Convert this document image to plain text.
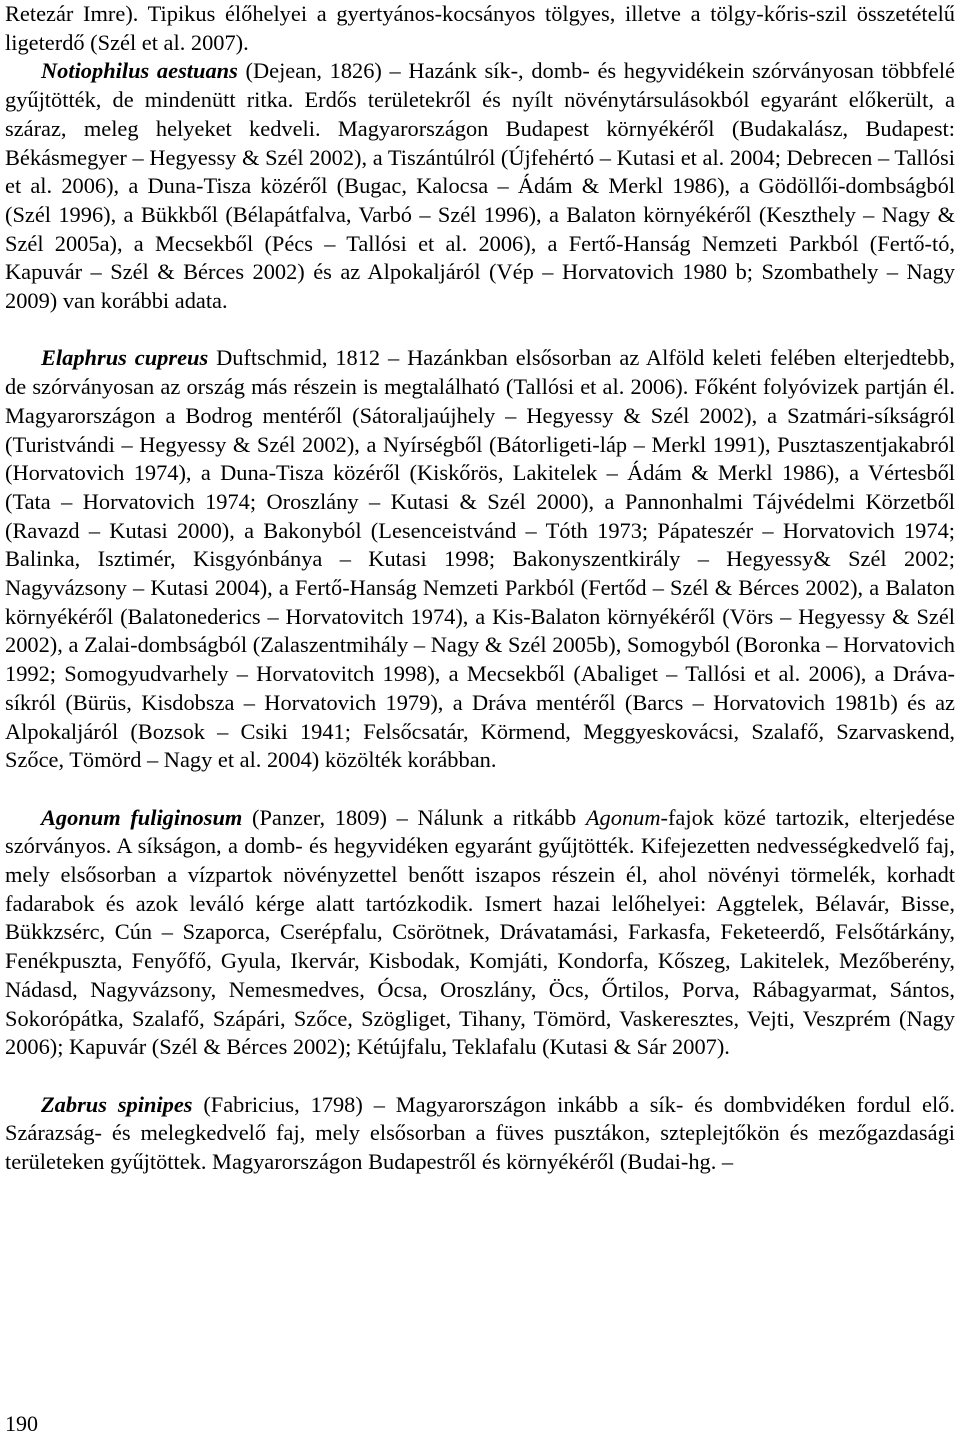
Retezár Imre). Tipikus élőhelyei a gyertyános-kocsányos tölgyes, illetve a tölgy-kőris-szil összetételű ligeterdő (Szél et al. 2007).

Notiophilus aestuans (Dejean, 1826) – Hazánk sík-, domb- és hegyvidékein szórványosan többfelé gyűjtötték, de mindenütt ritka. Erdős területekről és nyílt növénytársulásokból egyaránt előkerült, a száraz, meleg helyeket kedveli. Magyarországon Budapest környékéről (Budakalász, Budapest: Békásmegyer – Hegyessy & Szél 2002), a Tiszántúlról (Újfehértó – Kutasi et al. 2004; Debrecen – Tallósi et al. 2006), a Duna-Tisza közéről (Bugac, Kalocsa – Ádám & Merkl 1986), a Gödöllői-dombságból (Szél 1996), a Bükkből (Bélapátfalva, Varbó – Szél 1996), a Balaton környékéről (Keszthely – Nagy & Szél 2005a), a Mecsekből (Pécs – Tallósi et al. 2006), a Fertő-Hanság Nemzeti Parkból (Fertő-tó, Kapuvár – Szél & Bérces 2002) és az Alpokaljáról (Vép – Horvatovich 1980 b; Szombathely – Nagy 2009) van korábbi adata.

Elaphrus cupreus Duftschmid, 1812 – Hazánkban elsősorban az Alföld keleti felében elterjedtebb, de szórványosan az ország más részein is megtalálható (Tallósi et al. 2006). Főként folyóvizek partján él. Magyarországon a Bodrog mentéről (Sátoraljaújhely – Hegyessy & Szél 2002), a Szatmári-síkságról (Turistvándi – Hegyessy & Szél 2002), a Nyírségből (Bátorligeti-láp – Merkl 1991), Pusztaszentjakabról (Horvatovich 1974), a Duna-Tisza közéről (Kiskőrös, Lakitelek – Ádám & Merkl 1986), a Vértesből (Tata – Horvatovich 1974; Oroszlány – Kutasi & Szél 2000), a Pannonhalmi Tájvédelmi Körzetből (Ravazd – Kutasi 2000), a Bakonyból (Lesenceistvánd – Tóth 1973; Pápateszér – Horvatovich 1974; Balinka, Isztimér, Kisgyónbánya – Kutasi 1998; Bakonyszentkirály – Hegyessy& Szél 2002; Nagyvázsony – Kutasi 2004), a Fertő-Hanság Nemzeti Parkból (Fertőd – Szél & Bérces 2002), a Balaton környékéről (Balatonederics – Horvatovitch 1974), a Kis-Balaton környékéről (Vörs – Hegyessy & Szél 2002), a Zalai-dombságból (Zalaszentmihály – Nagy & Szél 2005b), Somogyból (Boronka – Horvatovich 1992; Somogyudvarhely – Horvatovitch 1998), a Mecsekből (Abaliget – Tallósi et al. 2006), a Dráva-síkról (Bürüs, Kisdobsza – Horvatovich 1979), a Dráva mentéről (Barcs – Horvatovich 1981b) és az Alpokaljáról (Bozsok – Csiki 1941; Felsőcsatár, Körmend, Meggyeskovácsi, Szalafő, Szarvaskend, Szőce, Tömörd – Nagy et al. 2004) közölték korábban.

Agonum fuliginosum (Panzer, 1809) – Nálunk a ritkább Agonum-fajok közé tartozik, elterjedése szórványos. A síkságon, a domb- és hegyvidéken egyaránt gyűjtötték. Kifejezetten nedvességkedvelő faj, mely elsősorban a vízpartok növényzettel benőtt iszapos részein él, ahol növényi törmelék, korhadt fadarabok és azok leváló kérge alatt tartózkodik. Ismert hazai lelőhelyei: Aggtelek, Bélavár, Bisse, Bükkzsérc, Cún – Szaporca, Cserépfalu, Csörötnek, Drávatamási, Farkasfa, Feketeerdő, Felsőtárkány, Fenékpuszta, Fenyőfő, Gyula, Ikervár, Kisbodak, Komjáti, Kondorfa, Kőszeg, Lakitelek, Mezőberény, Nádasd, Nagyvázsony, Nemesmedves, Ócsa, Oroszlány, Öcs, Őrtilos, Porva, Rábagyarmat, Sántos, Sokorópátka, Szalafő, Szápári, Szőce, Szögliget, Tihany, Tömörd, Vaskeresztes, Vejti, Veszprém (Nagy 2006); Kapuvár (Szél & Bérces 2002); Kétújfalu, Teklafalu (Kutasi & Sár 2007).

Zabrus spinipes (Fabricius, 1798) – Magyarországon inkább a sík- és dombvidéken fordul elő. Szárazság- és melegkedvelő faj, mely elsősorban a füves pusztákon, szteplejtőkön és mezőgazdasági területeken gyűjtöttek. Magyarországon Budapestről és környékéről (Budai-hg. –

190
